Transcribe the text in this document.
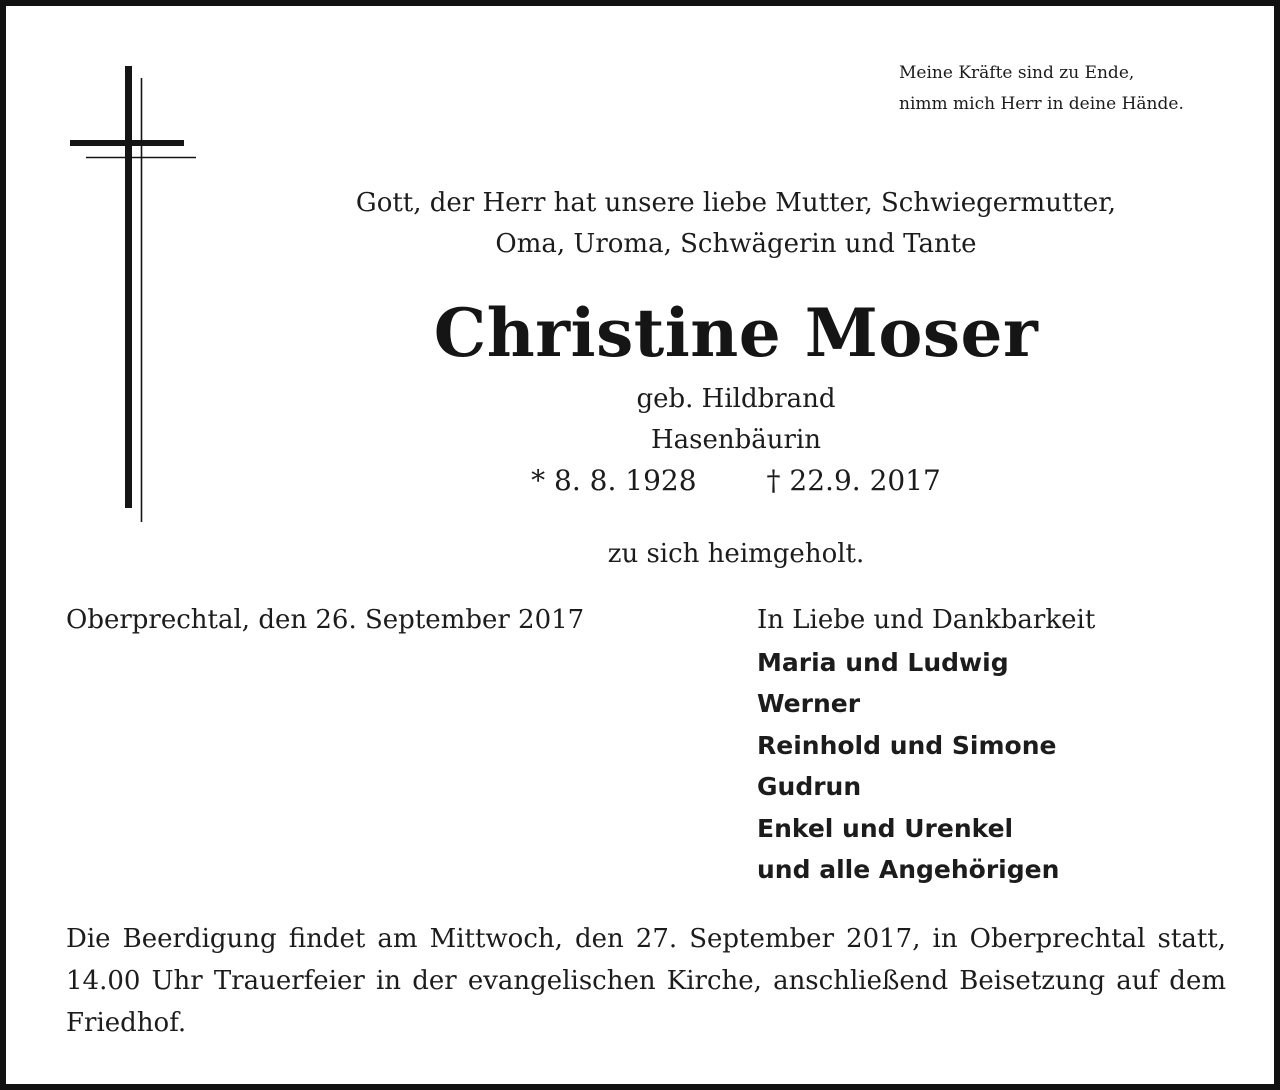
Meine Kräfte sind zu Ende,
nimm mich Herr in deine Hände.
Gott, der Herr hat unsere liebe Mutter, Schwiegermutter,
Oma, Uroma, Schwägerin und Tante
Christine Moser
geb. Hildbrand
Hasenbäurin
* 8. 8. 1928	† 22.9. 2017
zu sich heimgeholt.
Oberprechtal, den 26. September 2017	In Liebe und Dankbarkeit
Maria und Ludwig
Werner
Reinhold und Simone
Gudrun
Enkel und Urenkel
und alle Angehörigen
Die Beerdigung findet am Mittwoch, den 27. September 2017, in Oberprechtal statt, 14.00 Uhr Trauerfeier in der evangelischen Kirche, anschließend Beisetzung auf dem Friedhof.
